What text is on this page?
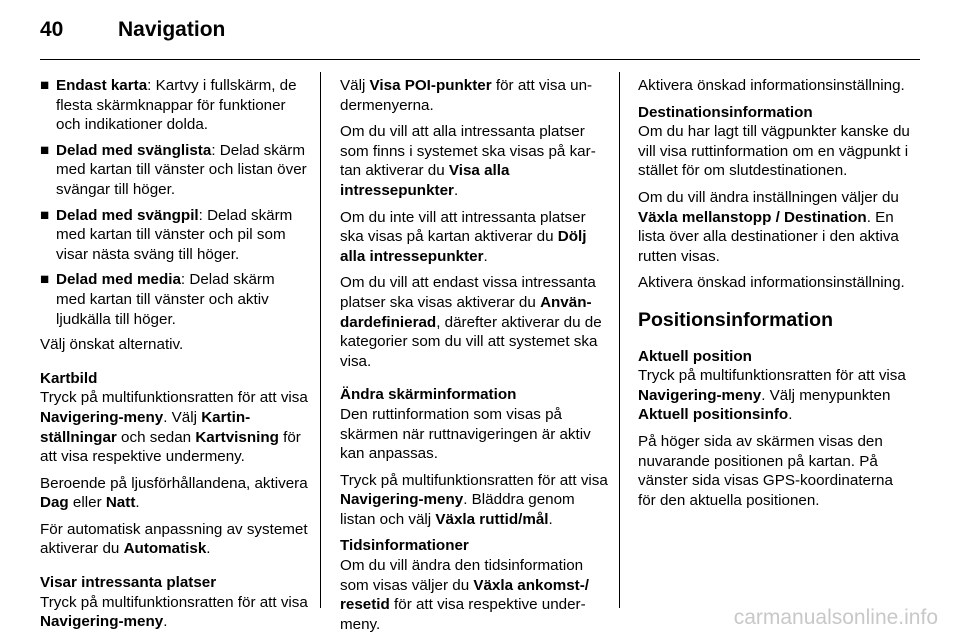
40	Navigation
■ Endast karta: Kartvy i fullskärm, de flesta skärmknappar för funktioner och indikationer dolda.
■ Delad med svänglista: Delad skärm med kartan till vänster och listan över svängar till höger.
■ Delad med svängpil: Delad skärm med kartan till vänster och pil som visar nästa sväng till höger.
■ Delad med media: Delad skärm med kartan till vänster och aktiv ljudkälla till höger.

Välj önskat alternativ.

Kartbild

Tryck på multifunktionsratten för att visa Navigering-meny. Välj Kartinställningar och sedan Kartvisning för att visa respektive undermeny.

Beroende på ljusförhållandena, aktivera Dag eller Natt.

För automatisk anpassning av systemet aktiverar du Automatisk.

Visar intressanta platser

Tryck på multifunktionsratten för att visa Navigering-meny.

Välj Visa POI-punkter för att visa undermenyerna.

Om du vill att alla intressanta platser som finns i systemet ska visas på kartan aktiverar du Visa alla intressepunkter.

Om du inte vill att intressanta platser ska visas på kartan aktiverar du Dölj alla intressepunkter.

Om du vill att endast vissa intressanta platser ska visas aktiverar du Användardefinierad, därefter aktiverar du de kategorier som du vill att systemet ska visa.

Ändra skärminformation

Den ruttinformation som visas på skärmen när ruttnavigeringen är aktiv kan anpassas.

Tryck på multifunktionsratten för att visa Navigering-meny. Bläddra genom listan och välj Växla ruttid/mål.

Tidsinformationer

Om du vill ändra den tidsinformation som visas väljer du Växla ankomst-/ resetid för att visa respektive undermeny.

Aktivera önskad informationsinställning.

Destinationsinformation

Om du har lagt till vägpunkter kanske du vill visa ruttinformation om en vägpunkt i stället för om slutdestinationen.

Om du vill ändra inställningen väljer du Växla mellanstopp / Destination. En lista över alla destinationer i den aktiva rutten visas.

Aktivera önskad informationsinställning.

Positionsinformation
Aktuell position

Tryck på multifunktionsratten för att visa Navigering-meny. Välj menypunkten Aktuell positionsinfo.

På höger sida av skärmen visas den nuvarande positionen på kartan. På vänster sida visas GPS-koordinaterna för den aktuella positionen.

carmanualsonline.info
